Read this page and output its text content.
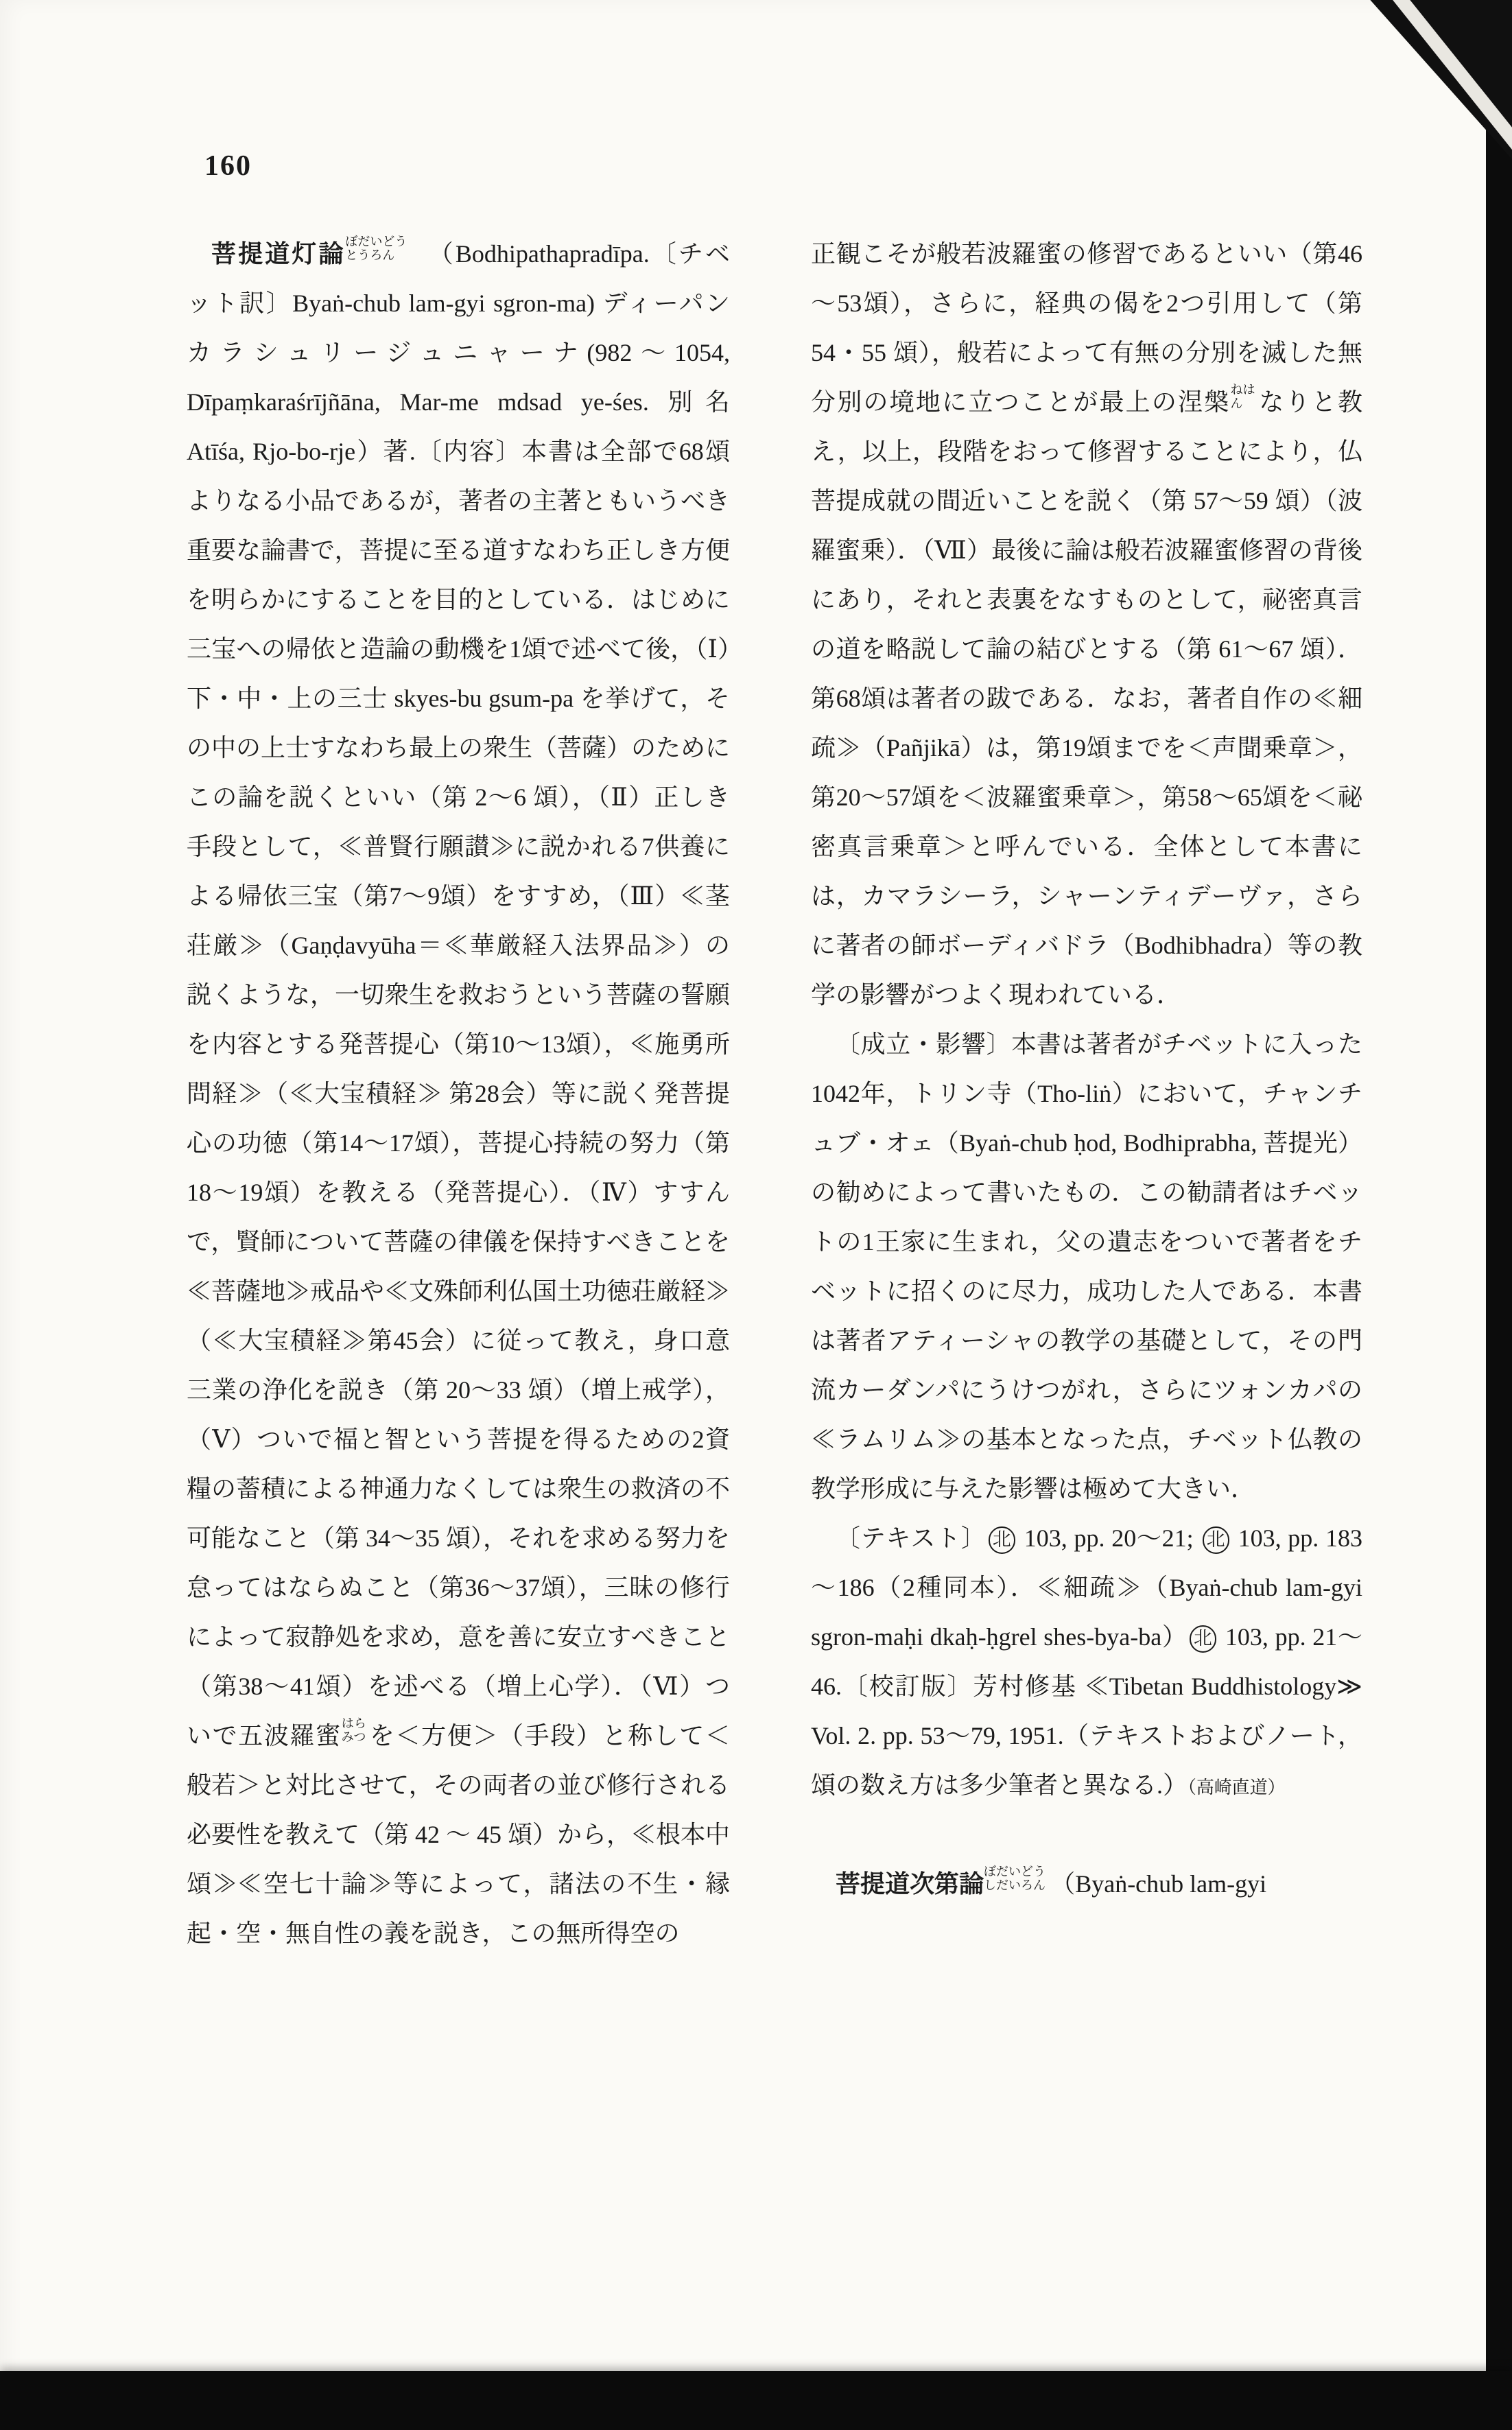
160

菩提道灯論ぼだいどうとうろん　（Bodhipathapradīpa.〔チベット訳〕Byaṅ-chub lam-gyi sgron-ma) ディーパンカラシュリージュニャーナ(982～1054, Dīpaṃkaraśrījñāna, Mar-me mdsad ye-śes. 別名 Atīśa, Rjo-bo-rje）著.〔内容〕本書は全部で68頌よりなる小品であるが，著者の主著ともいうべき重要な論書で，菩提に至る道すなわち正しき方便を明らかにすることを目的としている．はじめに三宝への帰依と造論の動機を1頌で述べて後，（Ⅰ）下・中・上の三士 skyes-bu gsum-pa を挙げて，その中の上士すなわち最上の衆生（菩薩）のためにこの論を説くといい（第 2～6 頌），（Ⅱ）正しき手段として，≪普賢行願讃≫に説かれる7供養による帰依三宝（第7～9頌）をすすめ，（Ⅲ）≪茎荘厳≫（Gaṇḍavyūha＝≪華厳経入法界品≫）の説くような，一切衆生を救おうという菩薩の誓願を内容とする発菩提心（第10～13頌），≪施勇所問経≫（≪大宝積経≫ 第28会）等に説く発菩提心の功徳（第14～17頌），菩提心持続の努力（第18～19頌）を教える（発菩提心）．（Ⅳ）すすんで，賢師について菩薩の律儀を保持すべきことを≪菩薩地≫戒品や≪文殊師利仏国土功徳荘厳経≫（≪大宝積経≫第45会）に従って教え，身口意三業の浄化を説き（第 20～33 頌）（増上戒学），（Ⅴ）ついで福と智という菩提を得るための2資糧の蓄積による神通力なくしては衆生の救済の不可能なこと（第 34～35 頌），それを求める努力を怠ってはならぬこと（第36～37頌），三昧の修行によって寂静処を求め，意を善に安立すべきこと（第38～41頌）を述べる（増上心学）．（Ⅵ）ついで五波羅蜜はらみつ を＜方便＞（手段）と称して＜般若＞と対比させて，その両者の並び修行される必要性を教えて（第 42 ～ 45 頌）から，≪根本中頌≫≪空七十論≫等によって，諸法の不生・縁起・空・無自性の義を説き，この無所得空の

正観こそが般若波羅蜜の修習であるといい（第46～53頌），さらに，経典の偈を2つ引用して（第 54・55 頌），般若によって有無の分別を滅した無分別の境地に立つことが最上の涅槃ねはん なりと教え，以上，段階をおって修習することにより，仏菩提成就の間近いことを説く（第 57～59 頌）（波羅蜜乗）．（Ⅶ）最後に論は般若波羅蜜修習の背後にあり，それと表裏をなすものとして，祕密真言の道を略説して論の結びとする（第 61～67 頌）．第68頌は著者の跋である．なお，著者自作の≪細疏≫（Pañjikā）は，第19頌までを＜声聞乗章＞，第20～57頌を＜波羅蜜乗章＞，第58～65頌を＜祕密真言乗章＞と呼んでいる．全体として本書には，カマラシーラ，シャーンティデーヴァ，さらに著者の師ボーディバドラ（Bodhibhadra）等の教学の影響がつよく現われている．

〔成立・影響〕本書は著者がチベットに入った1042年，トリン寺（Tho-liṅ）において，チャンチュブ・オェ（Byaṅ-chub ḥod, Bodhiprabha, 菩提光）の勧めによって書いたもの．この勧請者はチベットの1王家に生まれ，父の遺志をついで著者をチベットに招くのに尽力，成功した人である．本書は著者アティーシャの教学の基礎として，その門流カーダンパにうけつがれ，さらにツォンカパの≪ラムリム≫の基本となった点，チベット仏教の教学形成に与えた影響は極めて大きい．

〔テキスト〕 北 103, pp. 20～21; 北 103, pp. 183～186（2種同本）．≪細疏≫（Byaṅ-chub lam-gyi sgron-maḥi dkaḥ-ḥgrel shes-bya-ba） 北 103, pp. 21～46.〔校訂版〕芳村修基 ≪Tibetan Buddhistology≫ Vol. 2. pp. 53～79, 1951.（テキストおよびノート，頌の数え方は多少筆者と異なる.）（高崎直道）

菩提道次第論ぼだいどうしだいろん （Byaṅ-chub lam-gyi
